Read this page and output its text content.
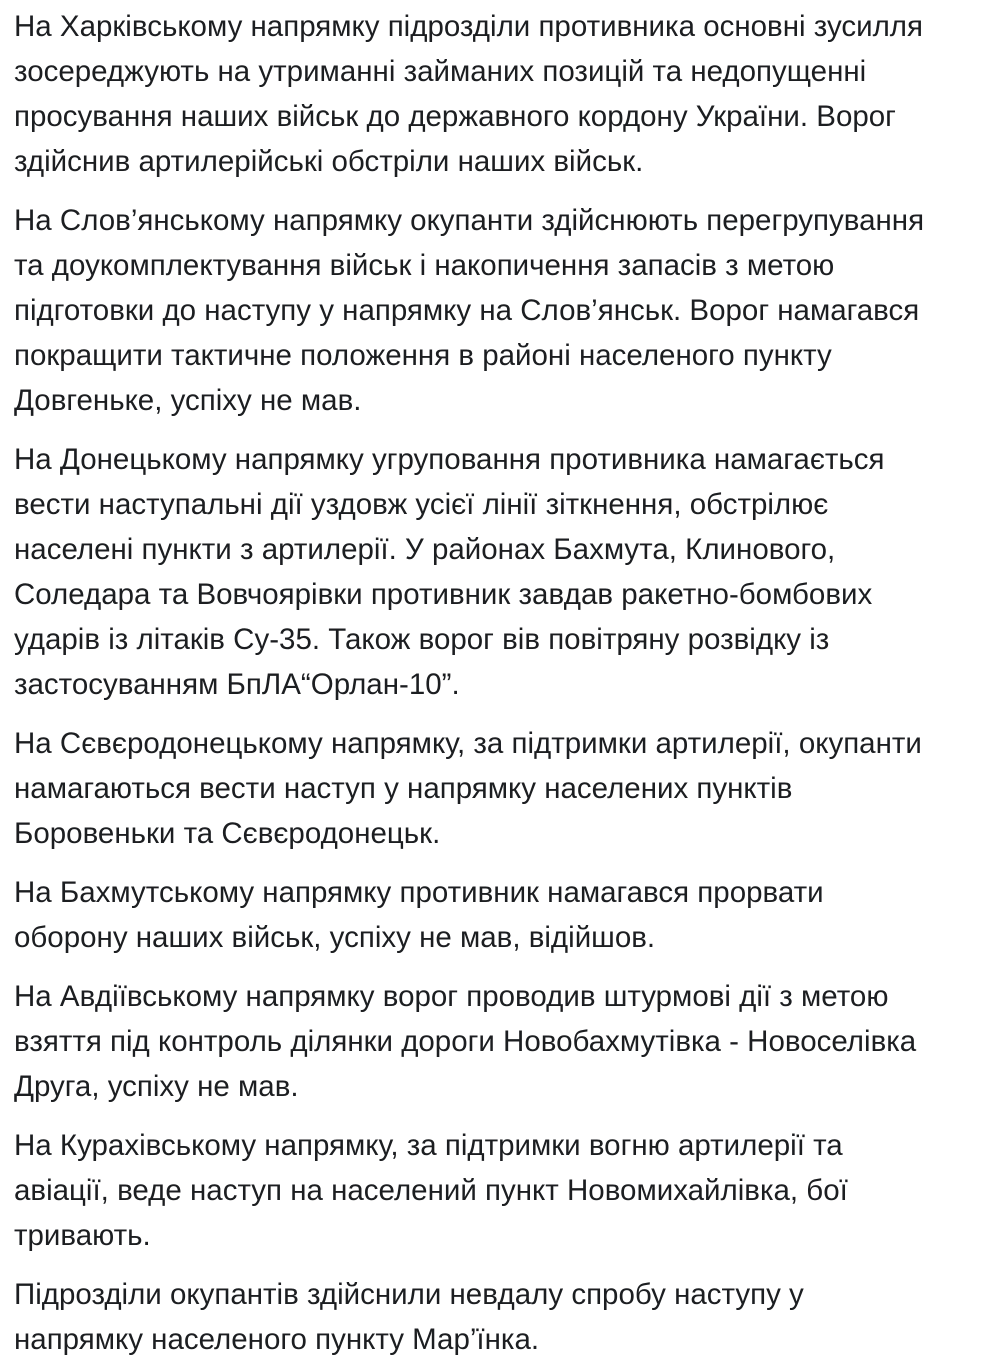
На Харківському напрямку підрозділи противника основні зусилля
зосереджують на утриманні займаних позицій та недопущенні
просування наших військ до державного кордону України. Ворог
здійснив артилерійські обстріли наших військ.

На Слов’янському напрямку окупанти здійснюють перегрупування
та доукомплектування військ і накопичення запасів з метою
підготовки до наступу у напрямку на Слов’янськ. Ворог намагався
покращити тактичне положення в районі населеного пункту
Довгеньке, успіху не мав.

На Донецькому напрямку угруповання противника намагається
вести наступальні дії уздовж усієї лінії зіткнення, обстрілює
населені пункти з артилерії. У районах Бахмута, Клинового,
Соледара та Вовчоярівки противник завдав ракетно-бомбових
ударів із літаків Су-35. Також ворог вів повітряну розвідку із
застосуванням БпЛА“Орлан-10”.

На Сєвєродонецькому напрямку, за підтримки артилерії, окупанти
намагаються вести наступ у напрямку населених пунктів
Боровеньки та Сєвєродонецьк.

На Бахмутському напрямку противник намагався прорвати
оборону наших військ, успіху не мав, відійшов.

На Авдіївському напрямку ворог проводив штурмові дії з метою
взяття під контроль ділянки дороги Новобахмутівка - Новоселівка
Друга, успіху не мав.

На Курахівському напрямку, за підтримки вогню артилерії та
авіації, веде наступ на населений пункт Новомихайлівка, бої
тривають.

Підрозділи окупантів здійснили невдалу спробу наступу у
напрямку населеного пункту Мар’їнка.
